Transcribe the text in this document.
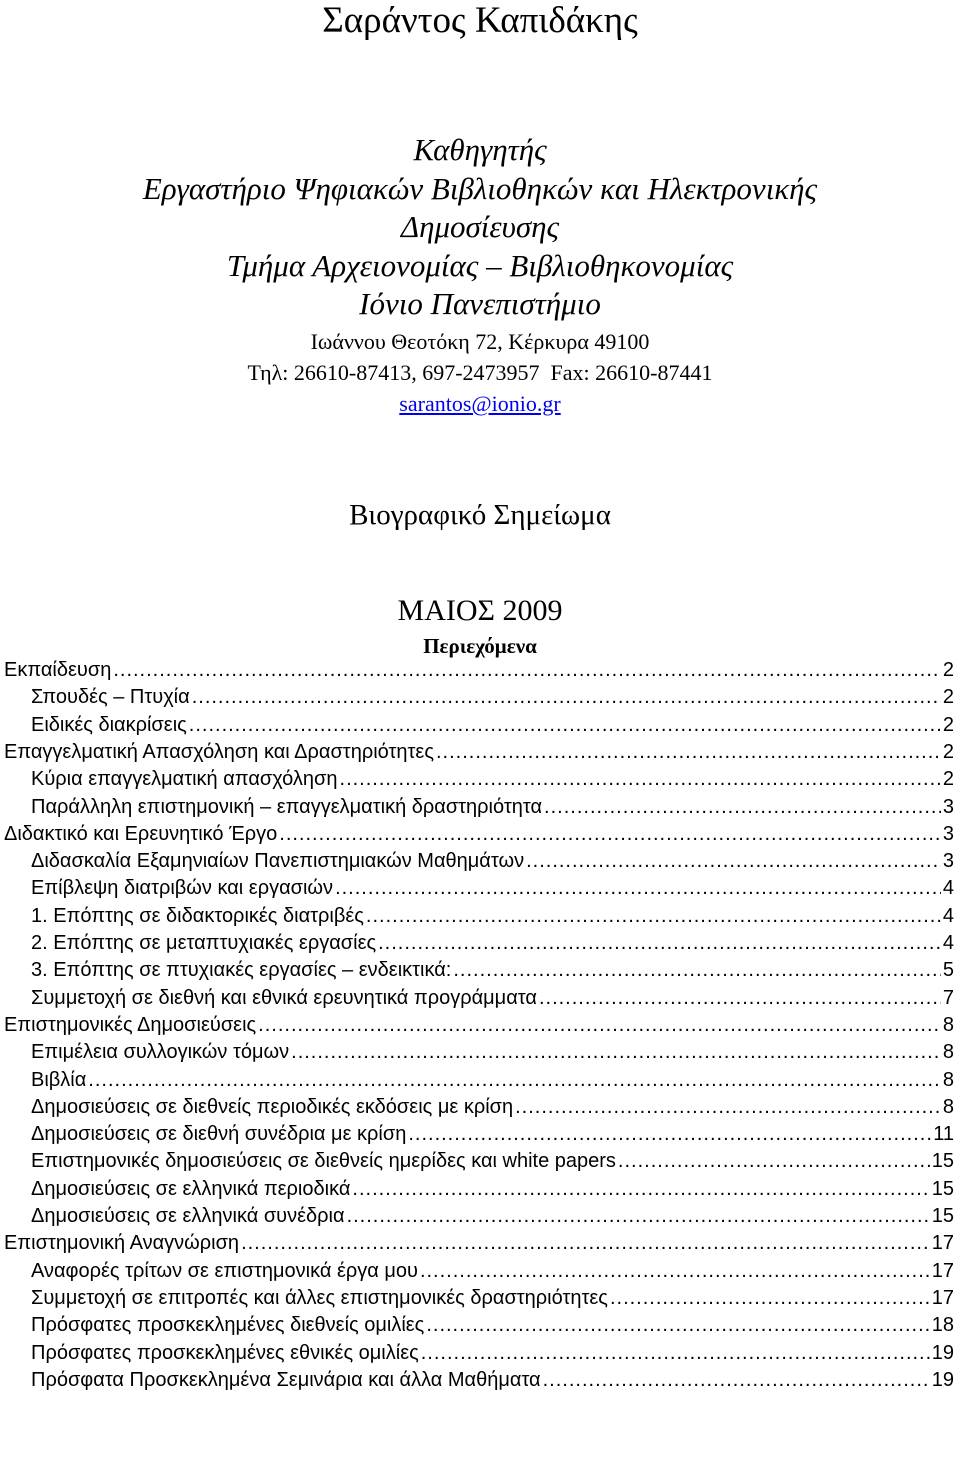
Σαράντος Καπιδάκης
Καθηγητής
Εργαστήριο Ψηφιακών Βιβλιοθηκών και Ηλεκτρονικής
Δημοσίευσης
Τμήμα Αρχειονομίας – Βιβλιοθηκονομίας
Ιόνιο Πανεπιστήμιο
Ιωάννου Θεοτόκη 72, Κέρκυρα 49100
Τηλ: 26610-87413, 697-2473957  Fax: 26610-87441
sarantos@ionio.gr
Βιογραφικό Σημείωμα
ΜΑΙΟΣ 2009
Περιεχόμενα
Εκπαίδευση .....	2
Σπουδές – Πτυχία .....	2
Ειδικές διακρίσεις .....	2
Επαγγελματική Απασχόληση και Δραστηριότητες .....	2
Κύρια επαγγελματική απασχόληση .....	2
Παράλληλη επιστημονική – επαγγελματική δραστηριότητα .....	3
Διδακτικό και Ερευνητικό Έργο .....	3
Διδασκαλία Εξαμηνιαίων Πανεπιστημιακών Μαθημάτων .....	3
Επίβλεψη διατριβών και εργασιών .....	4
1. Επόπτης σε διδακτορικές διατριβές .....	4
2. Επόπτης σε μεταπτυχιακές εργασίες .....	4
3. Επόπτης σε πτυχιακές εργασίες – ενδεικτικά: .....	5
Συμμετοχή σε διεθνή και εθνικά ερευνητικά προγράμματα .....	7
Επιστημονικές Δημοσιεύσεις .....	8
Επιμέλεια συλλογικών τόμων .....	8
Βιβλία .....	8
Δημοσιεύσεις σε διεθνείς περιοδικές εκδόσεις με κρίση .....	8
Δημοσιεύσεις σε διεθνή συνέδρια με κρίση .....	11
Επιστημονικές δημοσιεύσεις σε διεθνείς ημερίδες και white papers .....	15
Δημοσιεύσεις σε ελληνικά περιοδικά .....	15
Δημοσιεύσεις σε ελληνικά συνέδρια .....	15
Επιστημονική Αναγνώριση .....	17
Αναφορές τρίτων σε επιστημονικά έργα μου .....	17
Συμμετοχή σε επιτροπές και άλλες επιστημονικές δραστηριότητες .....	17
Πρόσφατες προσκεκλημένες διεθνείς ομιλίες .....	18
Πρόσφατες προσκεκλημένες εθνικές ομιλίες .....	19
Πρόσφατα Προσκεκλημένα Σεμινάρια και άλλα Μαθήματα .....	19
